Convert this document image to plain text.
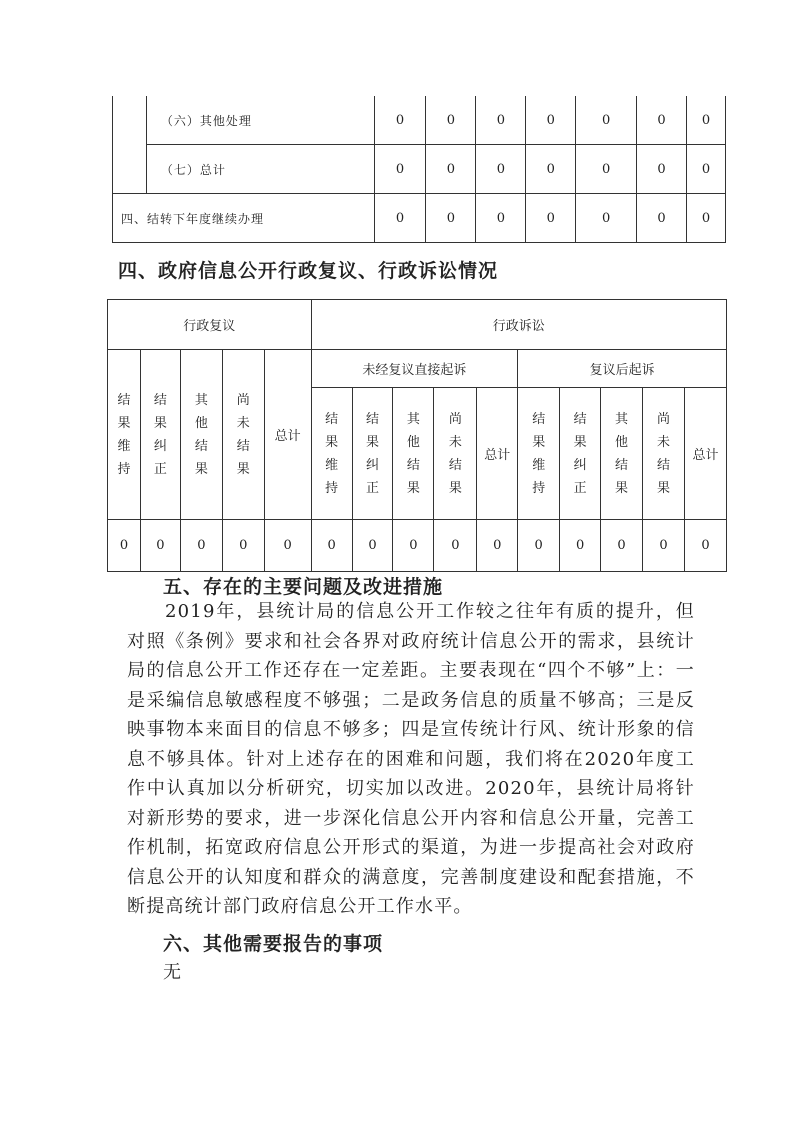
	（六）其他处理	0	0	0	0	0	0	0
	（七）总计	0	0	0	0	0	0	0
四、结转下年度继续办理		0	0	0	0	0	0	0
四、政府信息公开行政复议、行政诉讼情况
行政复议					行政诉讼									

结果维持	结果纠正	其他结果	尚未结果	总计	未经复议直接起诉					复议后起诉				

					结果维持	结果纠正	其他结果	尚未结果	总计	结果维持	结果纠正	其他结果	尚未结果	总计
0	0	0	0	0	0	0	0	0	0	0	0	0	0	0
五、存在的主要问题及改进措施

2019年，县统计局的信息公开工作较之往年有质的提升，但对照《条例》要求和社会各界对政府统计信息公开的需求，县统计局的信息公开工作还存在一定差距。主要表现在“四个不够”上：一是采编信息敏感程度不够强；二是政务信息的质量不够高；三是反映事物本来面目的信息不够多；四是宣传统计行风、统计形象的信息不够具体。针对上述存在的困难和问题，我们将在2020年度工作中认真加以分析研究，切实加以改进。2020年，县统计局将针对新形势的要求，进一步深化信息公开内容和信息公开量，完善工作机制，拓宽政府信息公开形式的渠道，为进一步提高社会对政府信息公开的认知度和群众的满意度，完善制度建设和配套措施，不断提高统计部门政府信息公开工作水平。

六、其他需要报告的事项

无
